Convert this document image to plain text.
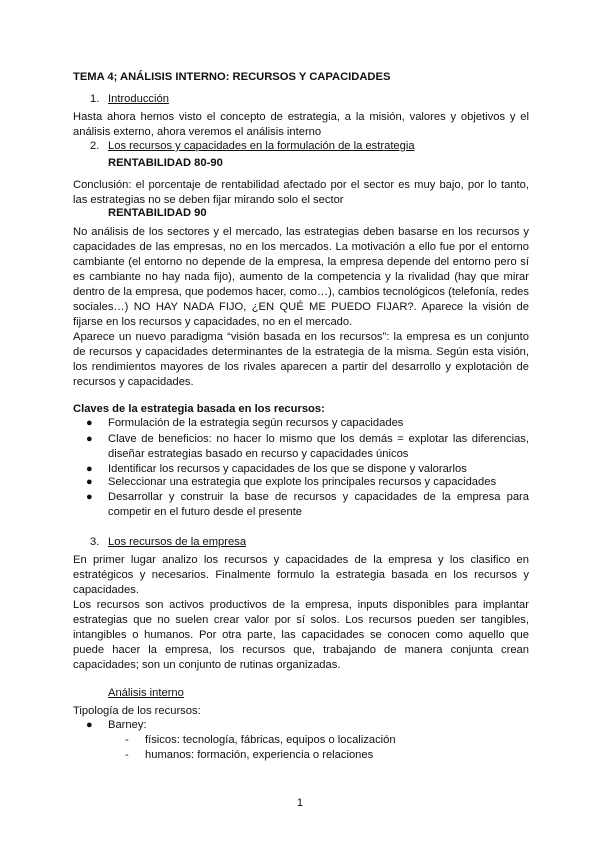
TEMA 4; ANÁLISIS INTERNO: RECURSOS Y CAPACIDADES
1. Introducción
Hasta ahora hemos visto el concepto de estrategia, a la misión, valores y objetivos y el análisis externo, ahora veremos el análisis interno
2. Los recursos y capacidades en la formulación de la estrategia
RENTABILIDAD 80-90
Conclusión: el porcentaje de rentabilidad afectado por el sector es muy bajo, por lo tanto, las estrategias no se deben fijar mirando solo el sector
RENTABILIDAD 90
No análisis de los sectores y el mercado, las estrategias deben basarse en los recursos y capacidades de las empresas, no en los mercados. La motivación a ello fue por el entorno cambiante (el entorno no depende de la empresa, la empresa depende del entorno pero sí es cambiante no hay nada fijo), aumento de la competencia y la rivalidad (hay que mirar dentro de la empresa, que podemos hacer, como…), cambios tecnológicos (telefonía, redes sociales…) NO HAY NADA FIJO, ¿EN QUÉ ME PUEDO FIJAR?. Aparece la visión de fijarse en los recursos y capacidades, no en el mercado.
Aparece un nuevo paradigma “visión basada en los recursos”: la empresa es un conjunto de recursos y capacidades determinantes de la estrategia de la misma. Según esta visión, los rendimientos mayores de los rivales aparecen a partir del desarrollo y explotación de recursos y capacidades.
Claves de la estrategia basada en los recursos:
● Formulación de la estrategia según recursos y capacidades
● Clave de beneficios: no hacer lo mismo que los demás = explotar las diferencias, diseñar estrategias basado en recurso y capacidades únicos
● Identificar los recursos y capacidades de los que se dispone y valorarlos
● Seleccionar una estrategia que explote los principales recursos y capacidades
● Desarrollar y construir la base de recursos y capacidades de la empresa para competir en el futuro desde el presente
3. Los recursos de la empresa
En primer lugar analizo los recursos y capacidades de la empresa y los clasifico en estratégicos y necesarios. Finalmente formulo la estrategia basada en los recursos y capacidades.
Los recursos son activos productivos de la empresa, inputs disponibles para implantar estrategias que no suelen crear valor por sí solos. Los recursos pueden ser tangibles, intangibles o humanos. Por otra parte, las capacidades se conocen como aquello que puede hacer la empresa, los recursos que, trabajando de manera conjunta crean capacidades; son un conjunto de rutinas organizadas.
Análisis interno
Tipología de los recursos:
● Barney:
- físicos: tecnología, fábricas, equipos o localización
- humanos: formación, experiencia o relaciones
1
